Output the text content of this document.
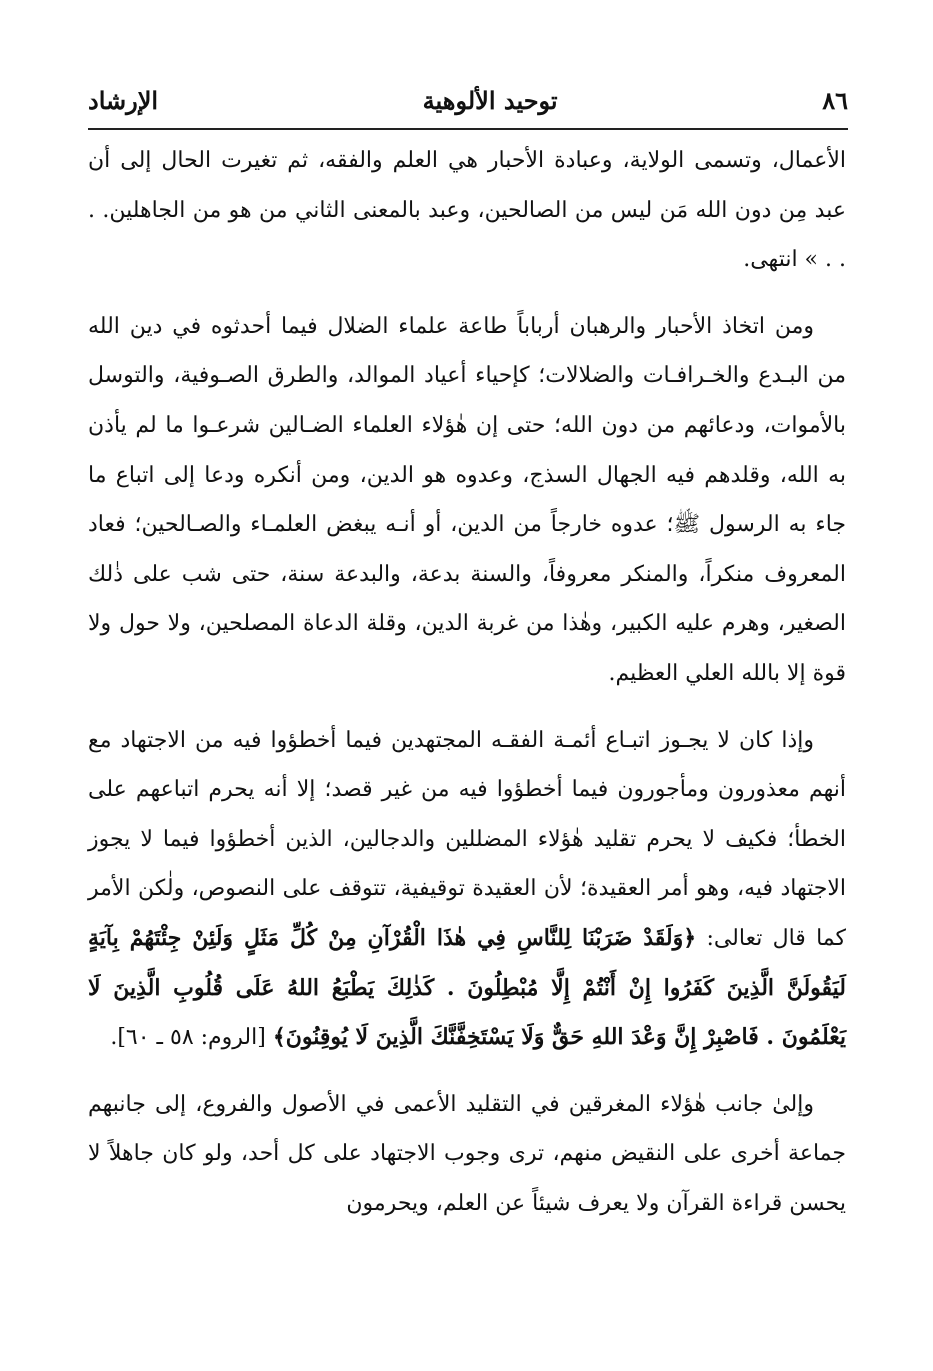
٨٦
توحيد الألوهية
الإرشاد

الأعمال، وتسمى الولاية، وعبادة الأحبار هي العلم والفقه، ثم تغيرت الحال إلى أن عبد مِن دون الله مَن ليس من الصالحين، وعبد بالمعنى الثاني من هو من الجاهلين. . . . » انتهى.

ومن اتخاذ الأحبار والرهبان أرباباً طاعة علماء الضلال فيما أحدثوه في دين الله من البـدع والخـرافـات والضلالات؛ كإحياء أعياد الموالد، والطرق الصـوفية، والتوسل بالأموات، ودعائهم من دون الله؛ حتى إن هٰؤلاء العلماء الضـالين شرعـوا ما لم يأذن به الله، وقلدهم فيه الجهال السذج، وعدوه هو الدين، ومن أنكره ودعا إلى اتباع ما جاء به الرسول ﷺ؛ عدوه خارجاً من الدين، أو أنـه يبغض العلمـاء والصـالحين؛ فعاد المعروف منكراً، والمنكر معروفاً، والسنة بدعة، والبدعة سنة، حتى شب على ذٰلك الصغير، وهرم عليه الكبير، وهٰذا من غربة الدين، وقلة الدعاة المصلحين، ولا حول ولا قوة إلا بالله العلي العظيم.

وإذا كان لا يجـوز اتبـاع أئمـة الفقـه المجتهدين فيما أخطؤوا فيه من الاجتهاد مع أنهم معذورون ومأجورون فيما أخطؤوا فيه من غير قصد؛ إلا أنه يحرم اتباعهم على الخطأ؛ فكيف لا يحرم تقليد هٰؤلاء المضللين والدجالين، الذين أخطؤوا فيما لا يجوز الاجتهاد فيه، وهو أمر العقيدة؛ لأن العقيدة توقيفية، تتوقف على النصوص، ولٰكن الأمر كما قال تعالى: ﴿وَلَقَدْ ضَرَبْنَا لِلنَّاسِ فِي هٰذَا الْقُرْآنِ مِنْ كُلِّ مَثَلٍ وَلَئِنْ جِئْتَهُمْ بِآيَةٍ لَيَقُولَنَّ الَّذِينَ كَفَرُوا إِنْ أَنْتُمْ إِلَّا مُبْطِلُونَ . كَذٰلِكَ يَطْبَعُ اللهُ عَلَى قُلُوبِ الَّذِينَ لَا يَعْلَمُونَ . فَاصْبِرْ إِنَّ وَعْدَ اللهِ حَقٌّ وَلَا يَسْتَخِفَّنَّكَ الَّذِينَ لَا يُوقِنُونَ﴾ [الروم: ٥٨ ـ ٦٠].

وإلىٰ جانب هٰؤلاء المغرقين في التقليد الأعمى في الأصول والفروع، إلى جانبهم جماعة أخرى على النقيض منهم، ترى وجوب الاجتهاد على كل أحد، ولو كان جاهلاً لا يحسن قراءة القرآن ولا يعرف شيئاً عن العلم، ويحرمون
